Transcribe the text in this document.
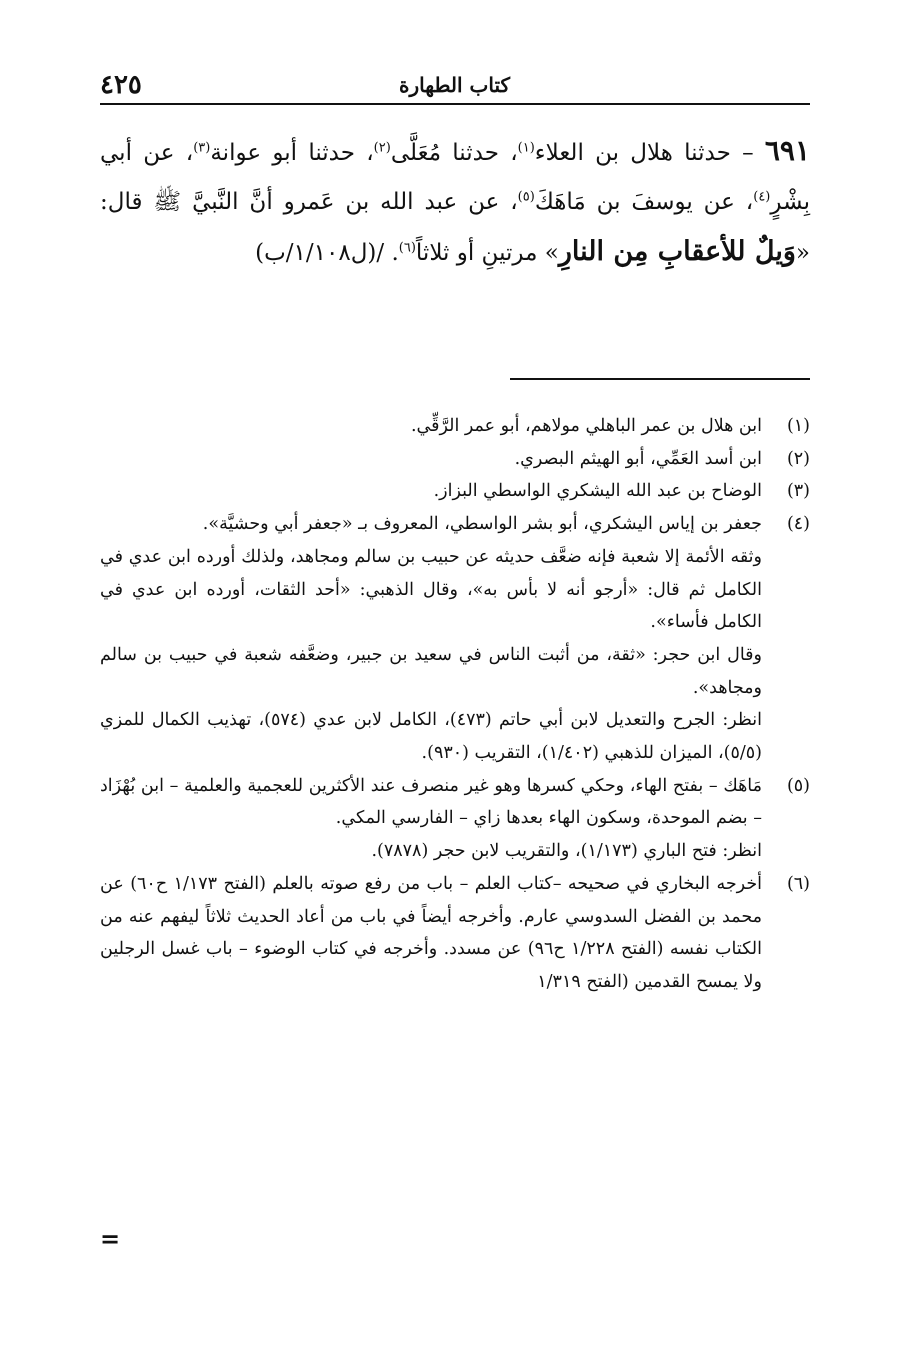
كتاب الطهارة
٤٢٥
٦٩١ – حدثنا هلال بن العلاء$^{(١)}$، حدثنا مُعَلَّى$^{(٢)}$، حدثنا أبو عوانة$^{(٣)}$، عن أبي بِشْرٍ$^{(٤)}$، عن يوسفَ بن مَاهَكَ$^{(٥)}$، عن عبد الله بن عَمرو أنَّ النَّبيَّ ﷺ قال: «وَيلٌ للأعقابِ مِن النارِ» مرتينِ أو ثلاثاً$^{(٦)}$. /(ل١/١٠٨/ب)

(١)
ابن هلال بن عمر الباهلي مولاهم، أبو عمر الرَّقِّي.

(٢)
ابن أسد العَمِّي، أبو الهيثم البصري.

(٣)
الوضاح بن عبد الله اليشكري الواسطي البزاز.

(٤)
جعفر بن إياس اليشكري، أبو بشر الواسطي، المعروف بـ «جعفر أبي وحشيَّة».

وثقه الأئمة إلا شعبة فإنه ضعَّف حديثه عن حبيب بن سالم ومجاهد، ولذلك أورده ابن عدي في الكامل ثم قال: «أرجو أنه لا بأس به»، وقال الذهبي: «أحد الثقات، أورده ابن عدي في الكامل فأساء».

وقال ابن حجر: «ثقة، من أثبت الناس في سعيد بن جبير، وضعَّفه شعبة في حبيب بن سالم ومجاهد».

انظر: الجرح والتعديل لابن أبي حاتم (٤٧٣)، الكامل لابن عدي (٥٧٤)، تهذيب الكمال للمزي (٥/٥)، الميزان للذهبي (١/٤٠٢)، التقريب (٩٣٠).

(٥)
مَاهَك – بفتح الهاء، وحكي كسرها وهو غير منصرف عند الأكثرين للعجمية والعلمية – ابن بُهْزَاد – بضم الموحدة، وسكون الهاء بعدها زاي – الفارسي المكي.

انظر: فتح الباري (١/١٧٣)، والتقريب لابن حجر (٧٨٧٨).

(٦)
أخرجه البخاري في صحيحه –كتاب العلم – باب من رفع صوته بالعلم (الفتح ١/١٧٣ ح٦٠) عن محمد بن الفضل السدوسي عارم. وأخرجه أيضاً في باب من أعاد الحديث ثلاثاً ليفهم عنه من الكتاب نفسه (الفتح ١/٢٢٨ ح٩٦) عن مسدد. وأخرجه في كتاب الوضوء – باب غسل الرجلين ولا يمسح القدمين (الفتح ١/٣١٩

=
